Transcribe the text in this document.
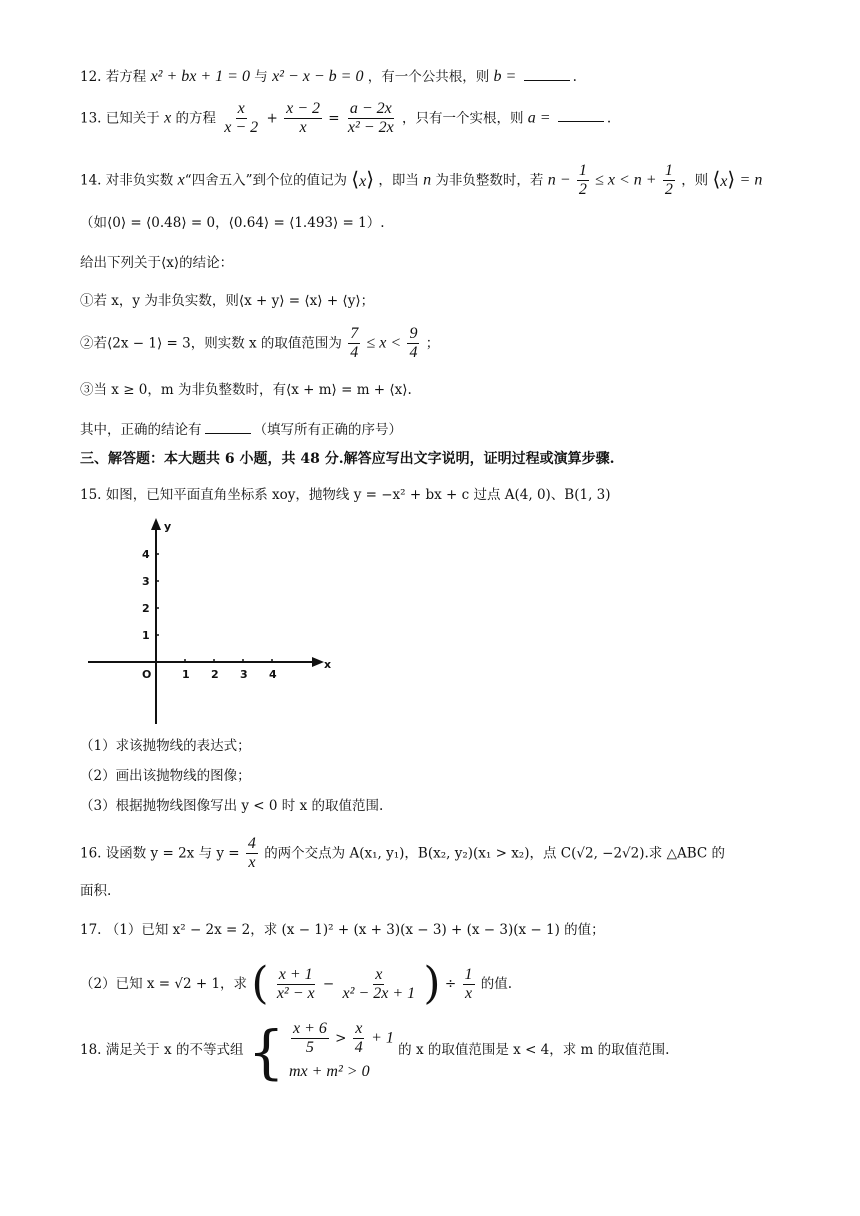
12. 若方程 x² + bx + 1 = 0 与 x² − x − b = 0 ，有一个公共根，则 b =	.
13. 已知关于 x 的方程 $\frac{x}{x - 2} + \frac{x - 2}{x} = \frac{a - 2x}{\text{x² − 2x}}$ ，只有一个实根，则 a =	.
14. 对非负实数 x“四舍五入”到个位的值记为 ⟨x⟩ ，即当 n 为非负整数时，若 $n - \frac{1}{2} \le x < n + \frac{1}{2}$ ，则 ⟨x⟩ = n
（如⟨0⟩ = ⟨0.48⟩ = 0，⟨0.64⟩ = ⟨1.493⟩ = 1）.
给出下列关于⟨x⟩的结论：
①若 x，y 为非负实数，则⟨x + y⟩ = ⟨x⟩ + ⟨y⟩；
②若⟨2x − 1⟩ = 3，则实数 x 的取值范围为 $\frac{7}{4} \le x < \frac{9}{4}$ ；
③当 x ≥ 0，m 为非负整数时，有⟨x + m⟩ = m + ⟨x⟩.
其中，正确的结论有	（填写所有正确的序号）
三、解答题：本大题共 6 小题，共 48 分.解答应写出文字说明，证明过程或演算步骤.
15. 如图，已知平面直角坐标系 xoy，抛物线 y = −x² + bx + c 过点 A(4, 0)、B(1, 3)
x
y
O	1 2 3 4
1
2
3
4
（1）求该抛物线的表达式；
（2）画出该抛物线的图像；
（3）根据抛物线图像写出 y < 0 时 x 的取值范围.
16. 设函数 y = 2x 与 $y = \frac{4}{x}$ 的两个交点为 A(x₁, y₁)，B(x₂, y₂)(x₁ > x₂)，点 C(√2, −2√2).求 △ABC 的
面积.
17. （1）已知 x² − 2x = 2，求 (x − 1)² + (x + 3)(x − 3) + (x − 3)(x − 1) 的值；
（2）已知 x = √2 + 1，求 ( $\frac{x + 1}{\text{x² − x}} - \frac{x}{\text{x² − 2x + 1}}$ ) ÷ $\frac{1}{x}$ 的值.
18. 满足关于 x 的不等式组 { $\frac{x + 6}{5} > \frac{x}{4} + 1$
mx + m² > 0
的 x 的取值范围是 x < 4，求 m 的取值范围.
